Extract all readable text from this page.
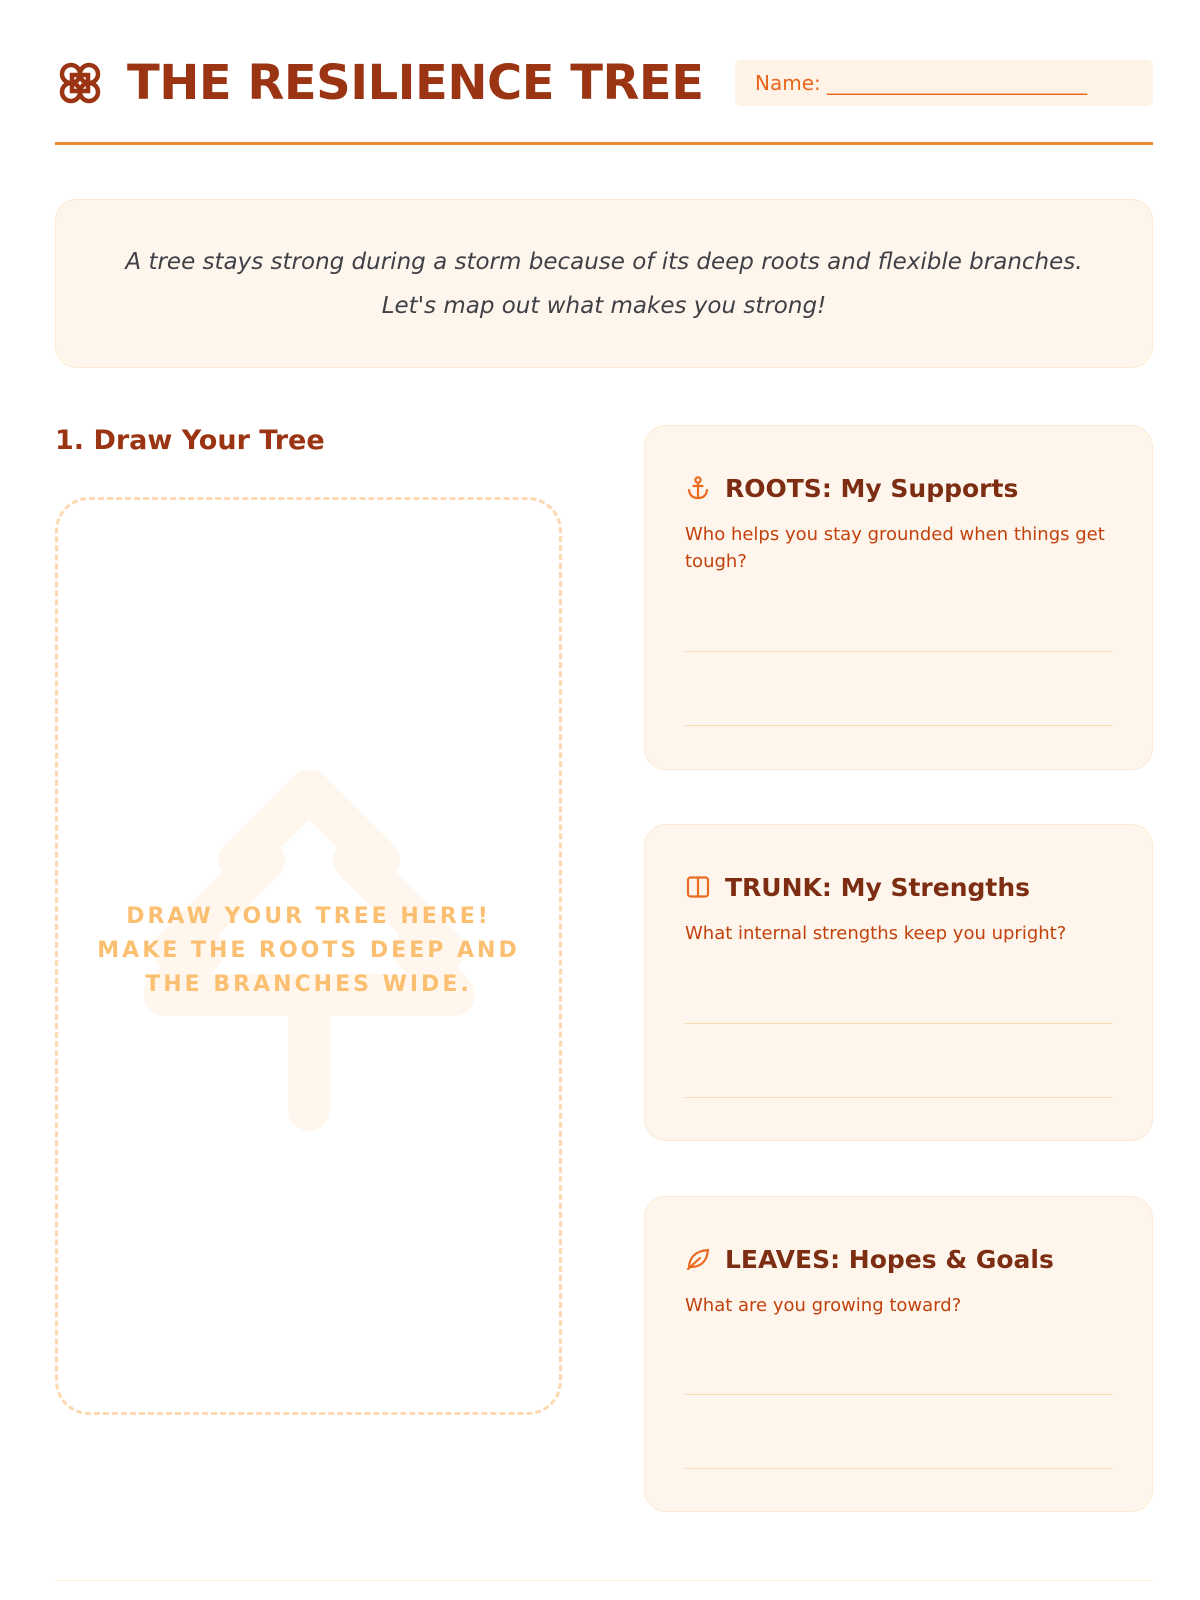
THE RESILIENCE TREE	Name: __________________________
A tree stays strong during a storm because of its deep roots and flexible branches.
Let's map out what makes you strong!
1. Draw Your Tree
DRAW YOUR TREE HERE!
MAKE THE ROOTS DEEP AND
THE BRANCHES WIDE.
ROOTS: My Supports
Who helps you stay grounded when things get tough?
TRUNK: My Strengths
What internal strengths keep you upright?
LEAVES: Hopes & Goals
What are you growing toward?
